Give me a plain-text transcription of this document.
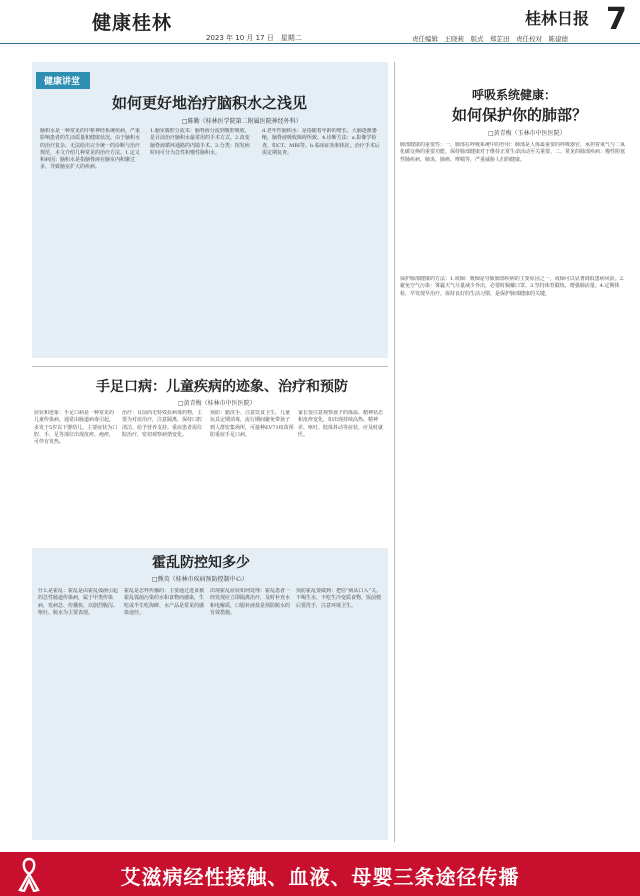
健康桂林
2023 年 10 月 17 日　星期二
桂林日报 7
责任编辑　王晓莉　版式　郑芷田　责任校对　陈建德
健康讲堂
如何更好地治疗脑积水之浅见
□陈勤（桂林医学院第二附属医院神经外科）
脑积水是一种常见的中枢神经系统疾病，严重影响患者的生活质量和健康状况。由于脑积水的治疗复杂、无法给出完全统一的诊断与治疗规范，本文介绍几种常见的治疗方法。1.定义和病因：脑积水是指脑脊液在脑室内积聚过多，导致脑室扩大的疾病。
1.脑室腹腔分流术：脑脊液分流到腹腔吸收，是目前治疗脑积水最常用的手术方式。2.改变脑脊液循环通路的内镜手术。3.分类：按发病时间可分为急性和慢性脑积水。
d.老年性脑积水：是指随着年龄的增长，大脑逐渐萎缩，脑脊液吸收障碍所致。4.诊断方法：a.影像学检查，如CT、MRI等。b.临床症状和体征。治疗手术后需定期复查。
呼吸系统健康：
如何保护你的肺部？
□黄青梅（玉林市中医医院）
肺部健康的重要性：一、肺部在呼吸系统中的作用：肺部是人体最重要的呼吸器官，承担着氧气与二氧化碳交换的重要功能。保持肺部健康对于维持正常生命活动至关重要。二、常见的肺部疾病：慢性阻塞性肺疾病、肺炎、肺癌、哮喘等，严重威胁人们的健康。
保护肺部健康的方法：1.戒烟：吸烟是导致肺部疾病的主要原因之一，戒烟可以显著降低患病风险。2.避免空气污染：雾霾天气尽量减少外出，必要时佩戴口罩。3.坚持体育锻炼，增强肺活量。4.定期体检，早发现早治疗。保持良好的生活习惯，是保护肺部健康的关键。
手足口病：儿童疾病的迹象、治疗和预防
□黄青梅（桂林市中医医院）
症状和迹象：手足口病是一种常见的儿童传染病，通常由肠道病毒引起，多发于5岁以下婴幼儿。主要症状为口腔、手、足等部位出现皮疹、疱疹，可伴有发热。
治疗：目前尚无特效抗病毒药物，主要为对症治疗，注意隔离，保持口腔清洁，给予营养支持。重症患者需住院治疗，密切观察病情变化。
预防：勤洗手、注意饮食卫生，儿童玩具定期消毒，流行期间避免带孩子到人群密集场所，可接种EV71疫苗预防重症手足口病。
家长要注意观察孩子的体温、精神状态和皮疹变化，如出现持续高热、精神差、呕吐、肢体抖动等症状，应及时就医。
霍乱防控知多少
□熊英（桂林市疾病预防控制中心）
什么是霍乱：霍乱是由霍乱弧菌引起的急性肠道传染病，属于甲类传染病，发病急、传播快，以剧烈腹泻、呕吐、脱水为主要表现。
霍乱是怎样传播的：主要通过进食被霍乱弧菌污染的水和食物而感染，生吃或半生吃海鲜、水产品是常见的感染途径。
出现霍乱症状如何处理：霍乱患者一经发现应立即隔离治疗，及时补充水和电解质，口服补液盐是预防脱水的有效措施。
预防霍乱要做到：把住“病从口入”关，不喝生水，不吃生冷变质食物，饭前便后要洗手，注意环境卫生。
艾滋病经性接触、血液、母婴三条途径传播
